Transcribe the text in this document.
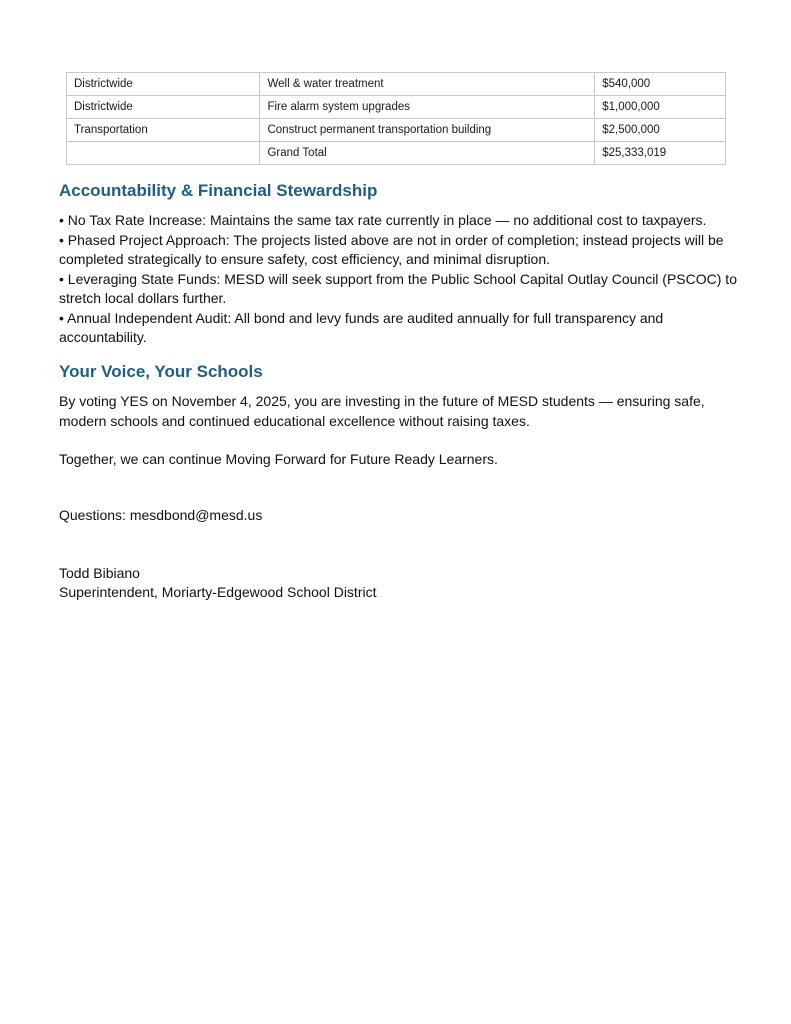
Districtwide	Well & water treatment	$540,000
Districtwide	Fire alarm system upgrades	$1,000,000
Transportation	Construct permanent transportation building	$2,500,000
	Grand Total	$25,333,019
Accountability & Financial Stewardship
• No Tax Rate Increase: Maintains the same tax rate currently in place — no additional cost to taxpayers.
• Phased Project Approach: The projects listed above are not in order of completion; instead projects will be completed strategically to ensure safety, cost efficiency, and minimal disruption.
• Leveraging State Funds: MESD will seek support from the Public School Capital Outlay Council (PSCOC) to stretch local dollars further.
• Annual Independent Audit: All bond and levy funds are audited annually for full transparency and accountability.
Your Voice, Your Schools

By voting YES on November 4, 2025, you are investing in the future of MESD students — ensuring safe, modern schools and continued educational excellence without raising taxes.

Together, we can continue Moving Forward for Future Ready Learners.

Questions: mesdbond@mesd.us

Todd Bibiano

Superintendent, Moriarty-Edgewood School District
